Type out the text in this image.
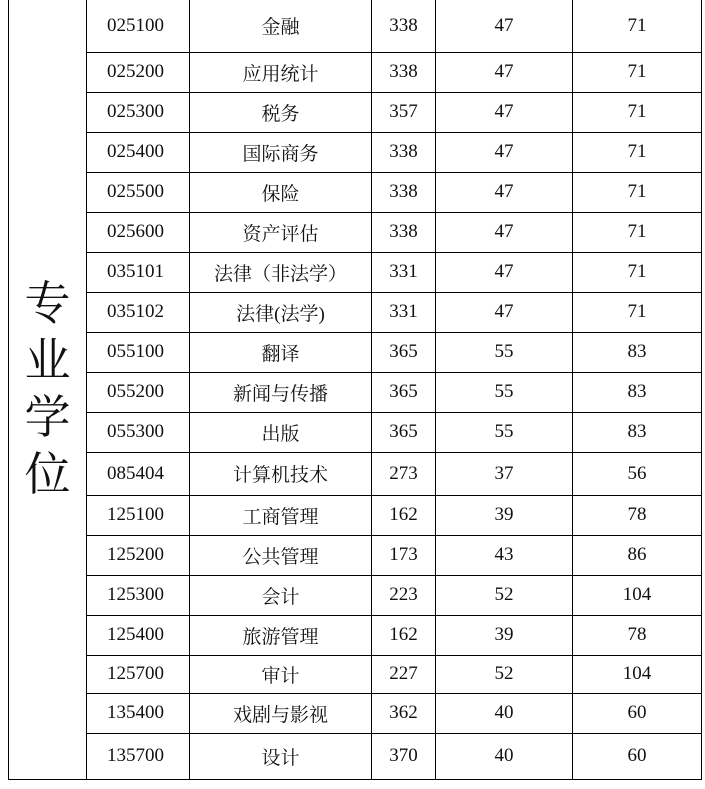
专
业
学
位	025100	金融	338	47	71
	025200	应用统计	338	47	71
	025300	税务	357	47	71
	025400	国际商务	338	47	71
	025500	保险	338	47	71
	025600	资产评估	338	47	71
	035101	法律（非法学）	331	47	71
	035102	法律(法学)	331	47	71
	055100	翻译	365	55	83
	055200	新闻与传播	365	55	83
	055300	出版	365	55	83
	085404	计算机技术	273	37	56
	125100	工商管理	162	39	78
	125200	公共管理	173	43	86
	125300	会计	223	52	104
	125400	旅游管理	162	39	78
	125700	审计	227	52	104
	135400	戏剧与影视	362	40	60
	135700	设计	370	40	60
